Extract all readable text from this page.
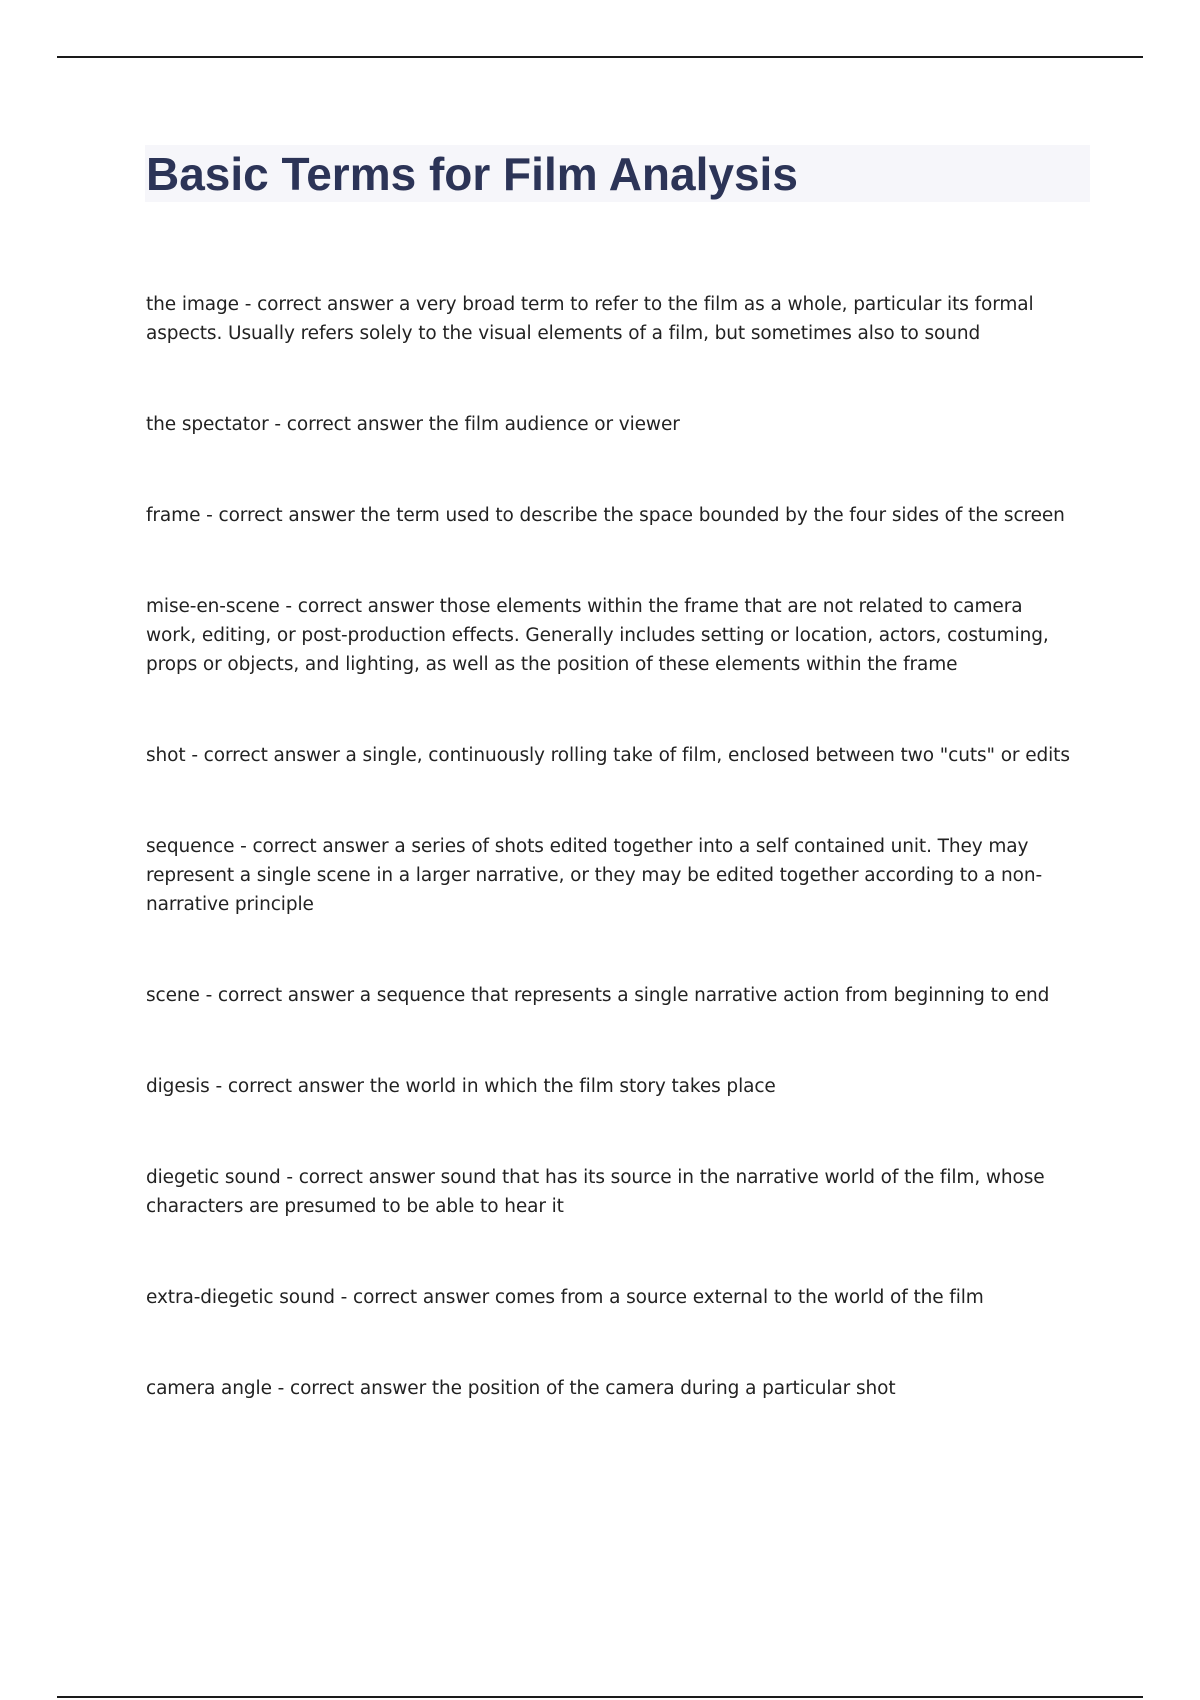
Basic Terms for Film Analysis
the image - correct answer a very broad term to refer to the film as a whole, particular its formal aspects. Usually refers solely to the visual elements of a film, but sometimes also to sound
the spectator - correct answer the film audience or viewer
frame - correct answer the term used to describe the space bounded by the four sides of the screen
mise-en-scene - correct answer those elements within the frame that are not related to camera work, editing, or post-production effects. Generally includes setting or location, actors, costuming, props or objects, and lighting, as well as the position of these elements within the frame
shot - correct answer a single, continuously rolling take of film, enclosed between two "cuts" or edits
sequence - correct answer a series of shots edited together into a self contained unit. They may represent a single scene in a larger narrative, or they may be edited together according to a non-narrative principle
scene - correct answer a sequence that represents a single narrative action from beginning to end
digesis - correct answer the world in which the film story takes place
diegetic sound - correct answer sound that has its source in the narrative world of the film, whose characters are presumed to be able to hear it
extra-diegetic sound - correct answer comes from a source external to the world of the film
camera angle - correct answer the position of the camera during a particular shot
